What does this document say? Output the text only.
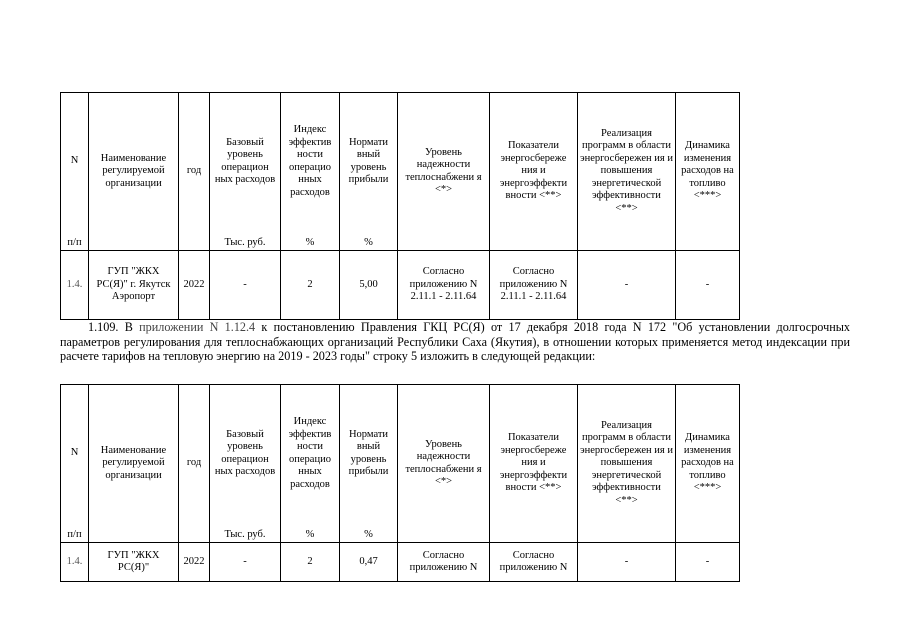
N	Наименование регулируемой организации	год	Базовый уровень операцион ных расходов	Индекс эффектив ности операцио нных расходов	Нормати вный уровень прибыли	Уровень надежности теплоснабжени я <*>	Показатели энергосбереже ния и энергоэффекти вности <**>	Реализация программ в области энергосбережен ия и повышения энергетической эффективности <**>	Динамика изменения расходов на топливо <***>
п/п			Тыс. руб.	%	%				
1.4.	ГУП "ЖКХ РС(Я)" г. Якутск Аэропорт	2022	-	2	5,00	Согласно приложению N 2.11.1 - 2.11.64	Согласно приложению N 2.11.1 - 2.11.64	-	-
1.109. В приложении N 1.12.4 к постановлению Правления ГКЦ РС(Я) от 17 декабря 2018 года N 172 "Об установлении долгосрочных параметров регулирования для теплоснабжающих организаций Республики Саха (Якутия), в отношении которых применяется метод индексации при расчете тарифов на тепловую энергию на 2019 - 2023 годы" строку 5 изложить в следующей редакции:
N	Наименование регулируемой организации	год	Базовый уровень операцион ных расходов	Индекс эффектив ности операцио нных расходов	Нормати вный уровень прибыли	Уровень надежности теплоснабжени я <*>	Показатели энергосбереже ния и энергоэффекти вности <**>	Реализация программ в области энергосбережен ия и повышения энергетической эффективности <**>	Динамика изменения расходов на топливо <***>
п/п			Тыс. руб.	%	%				
1.4.	ГУП "ЖКХ РС(Я)"	2022	-	2	0,47	Согласно приложению N	Согласно приложению N	-	-
